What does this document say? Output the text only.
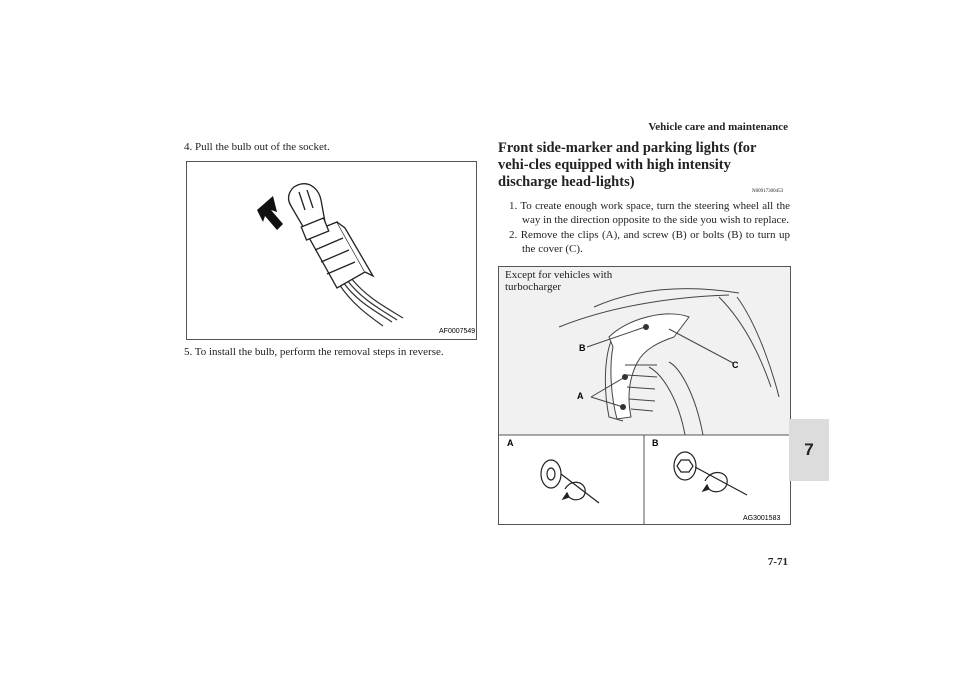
Vehicle care and maintenance
4. Pull the bulb out of the socket.
AF0007549
5. To install the bulb, perform the removal steps in reverse.
Front side-marker and parking lights (for vehi-cles equipped with high intensity discharge head-lights)
N00917300453
1. To create enough work space, turn the steering wheel all the way in the direction opposite to the side you wish to replace.
2. Remove the clips (A), and screw (B) or bolts (B) to turn up the cover (C).
Except for vehicles with turbocharger
B
A
C
A	B
AG3001583
7
7-71
